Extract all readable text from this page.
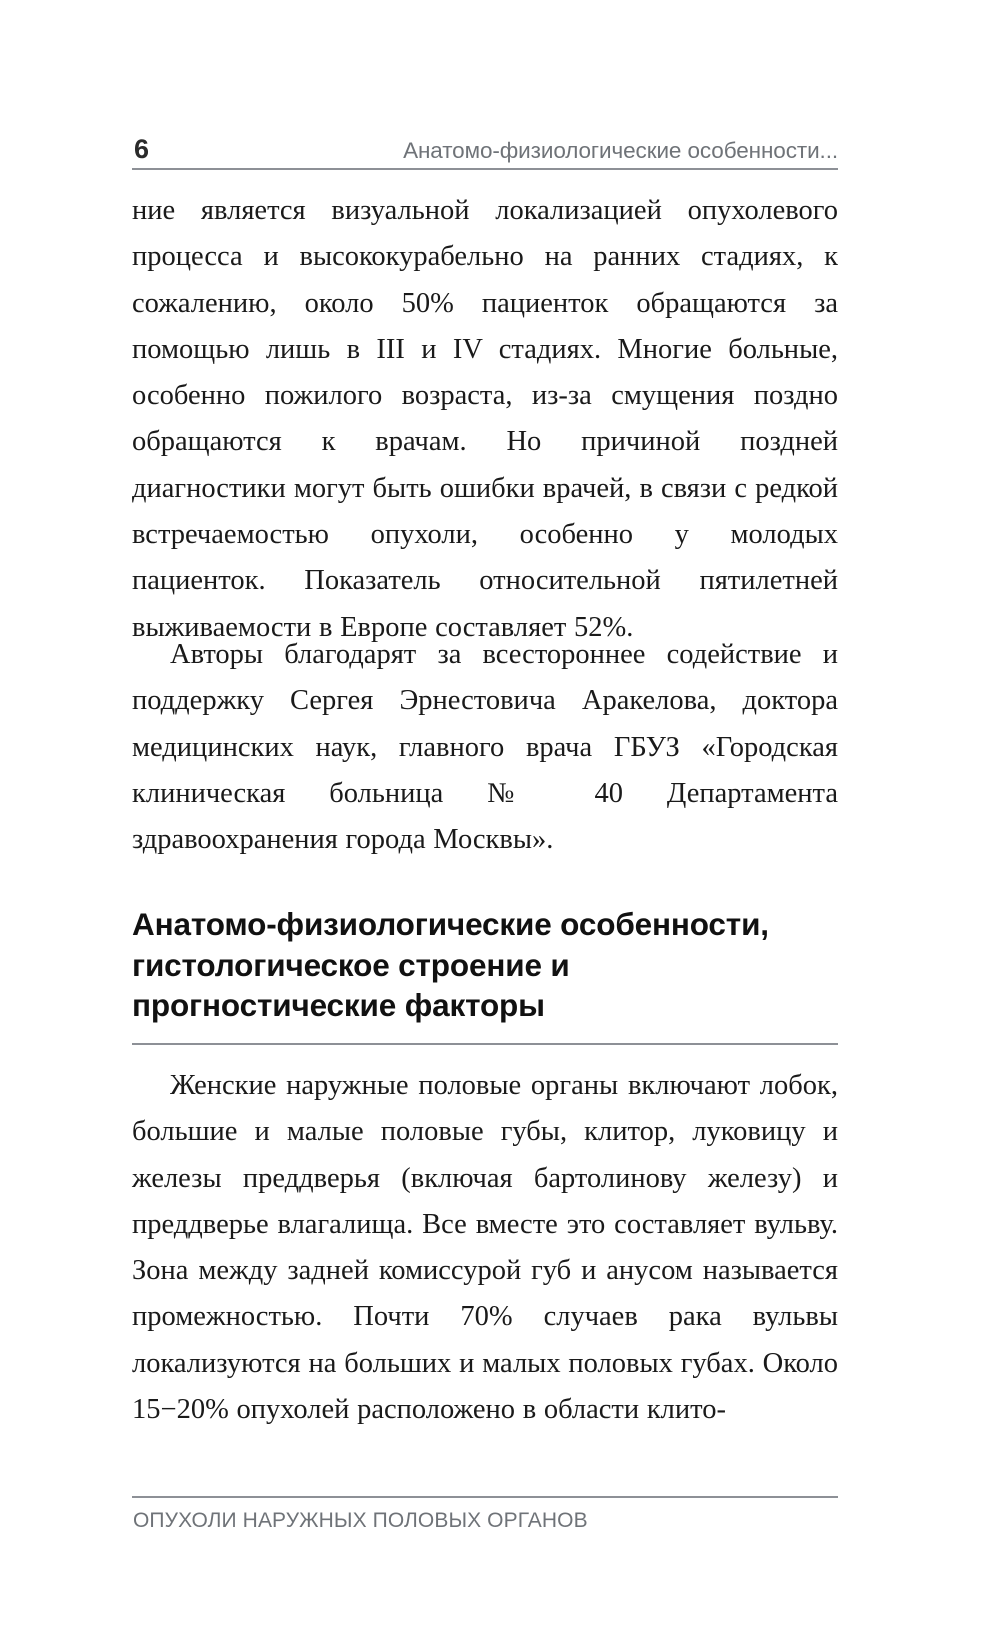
6	Анатомо-физиологические особенности...

ние является визуальной локализацией опухолевого процесса и высококурабельно на ранних стадиях, к сожалению, около 50% пациенток обращаются за помощью лишь в III и IV стадиях. Многие больные, особенно пожилого возраста, из-за смущения поздно обращаются к врачам. Но причиной поздней диагностики могут быть ошибки врачей, в связи с редкой встречаемостью опухоли, особенно у молодых пациенток. Показатель относительной пятилетней выживаемости в Европе составляет 52%.

Авторы благодарят за всестороннее содействие и поддержку Сергея Эрнестовича Аракелова, доктора медицинских наук, главного врача ГБУЗ «Городская клиническая больница № 40 Департамента здравоохранения города Москвы».

Анатомо-физиологические особенности, гистологическое строение и прогностические факторы

Женские наружные половые органы включают лобок, большие и малые половые губы, клитор, луковицу и железы преддверья (включая бартолинову железу) и преддверье влагалища. Все вместе это составляет вульву. Зона между задней комиссурой губ и анусом называется промежностью. Почти 70% случаев рака вульвы локализуются на больших и малых половых губах. Около 15−20% опухолей расположено в области клито-

ОПУХОЛИ НАРУЖНЫХ ПОЛОВЫХ ОРГАНОВ
